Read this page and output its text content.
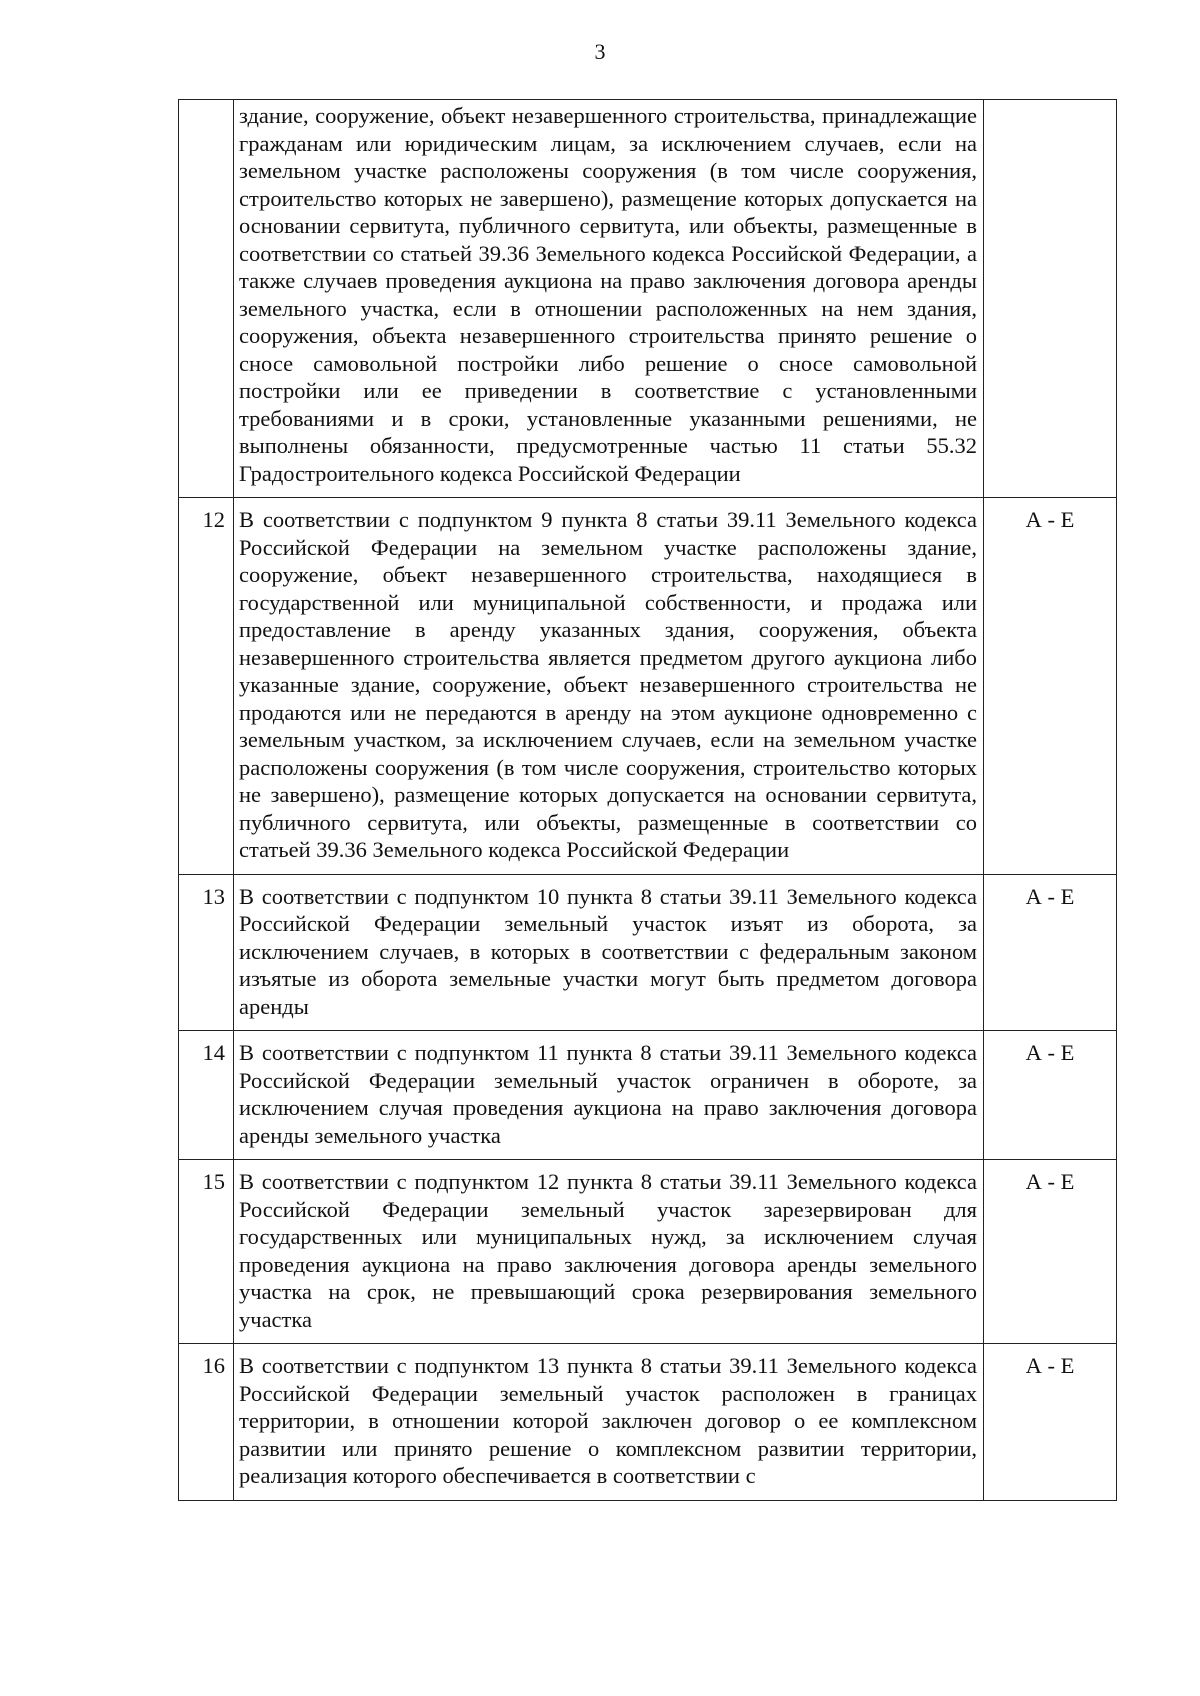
3
	здание, сооружение, объект незавершенного строительства, принадлежащие гражданам или юридическим лицам, за исключением случаев, если на земельном участке расположены сооружения (в том числе сооружения, строительство которых не завершено), размещение которых допускается на основании сервитута, публичного сервитута, или объекты, размещенные в соответствии со статьей 39.36 Земельного кодекса Российской Федерации, а также случаев проведения аукциона на право заключения договора аренды земельного участка, если в отношении расположенных на нем здания, сооружения, объекта незавершенного строительства принято решение о сносе самовольной постройки либо решение о сносе самовольной постройки или ее приведении в соответствие с установленными требованиями и в сроки, установленные указанными решениями, не выполнены обязанности, предусмотренные частью 11 статьи 55.32 Градостроительного кодекса Российской Федерации	
12	В соответствии с подпунктом 9 пункта 8 статьи 39.11 Земельного кодекса Российской Федерации на земельном участке расположены здание, сооружение, объект незавершенного строительства, находящиеся в государственной или муниципальной собственности, и продажа или предоставление в аренду указанных здания, сооружения, объекта незавершенного строительства является предметом другого аукциона либо указанные здание, сооружение, объект незавершенного строительства не продаются или не передаются в аренду на этом аукционе одновременно с земельным участком, за исключением случаев, если на земельном участке расположены сооружения (в том числе сооружения, строительство которых не завершено), размещение которых допускается на основании сервитута, публичного сервитута, или объекты, размещенные в соответствии со статьей 39.36 Земельного кодекса Российской Федерации	А - Е
13	В соответствии с подпунктом 10 пункта 8 статьи 39.11 Земельного кодекса Российской Федерации земельный участок изъят из оборота, за исключением случаев, в которых в соответствии с федеральным законом изъятые из оборота земельные участки могут быть предметом договора аренды	А - Е
14	В соответствии с подпунктом 11 пункта 8 статьи 39.11 Земельного кодекса Российской Федерации земельный участок ограничен в обороте, за исключением случая проведения аукциона на право заключения договора аренды земельного участка	А - Е
15	В соответствии с подпунктом 12 пункта 8 статьи 39.11 Земельного кодекса Российской Федерации земельный участок зарезервирован для государственных или муниципальных нужд, за исключением случая проведения аукциона на право заключения договора аренды земельного участка на срок, не превышающий срока резервирования земельного участка	А - Е
16	В соответствии с подпунктом 13 пункта 8 статьи 39.11 Земельного кодекса Российской Федерации земельный участок расположен в границах территории, в отношении которой заключен договор о ее комплексном развитии или принято решение о комплексном развитии территории, реализация которого обеспечивается в соответствии с	А - Е
